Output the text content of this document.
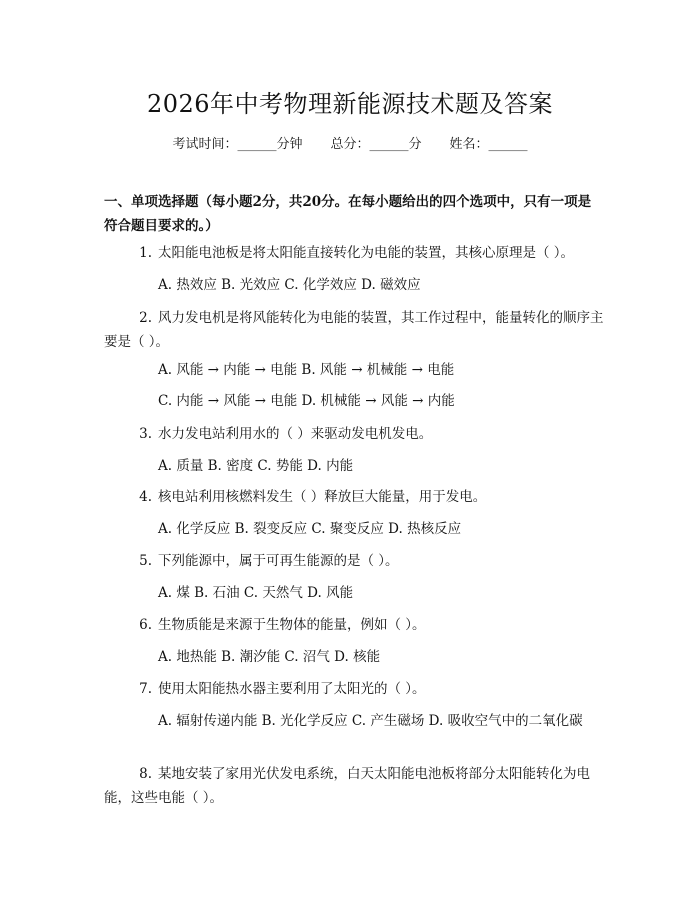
2026年中考物理新能源技术题及答案
考试时间：______分钟 总分：______分 姓名：______
一、单项选择题（每小题2分，共20分。在每小题给出的四个选项中，只有一项是符合题目要求的。）
1. 太阳能电池板是将太阳能直接转化为电能的装置，其核心原理是（ ）。
A. 热效应 B. 光效应 C. 化学效应 D. 磁效应
2. 风力发电机是将风能转化为电能的装置，其工作过程中，能量转化的顺序主要是（ ）。
A. 风能 → 内能 → 电能 B. 风能 → 机械能 → 电能
C. 内能 → 风能 → 电能 D. 机械能 → 风能 → 内能
3. 水力发电站利用水的（ ）来驱动发电机发电。
A. 质量 B. 密度 C. 势能 D. 内能
4. 核电站利用核燃料发生（ ）释放巨大能量，用于发电。
A. 化学反应 B. 裂变反应 C. 聚变反应 D. 热核反应
5. 下列能源中，属于可再生能源的是（ ）。
A. 煤 B. 石油 C. 天然气 D. 风能
6. 生物质能是来源于生物体的能量，例如（ ）。
A. 地热能 B. 潮汐能 C. 沼气 D. 核能
7. 使用太阳能热水器主要利用了太阳光的（ ）。
A. 辐射传递内能 B. 光化学反应 C. 产生磁场 D. 吸收空气中的二氧化碳
8. 某地安装了家用光伏发电系统，白天太阳能电池板将部分太阳能转化为电能，这些电能（ ）。
